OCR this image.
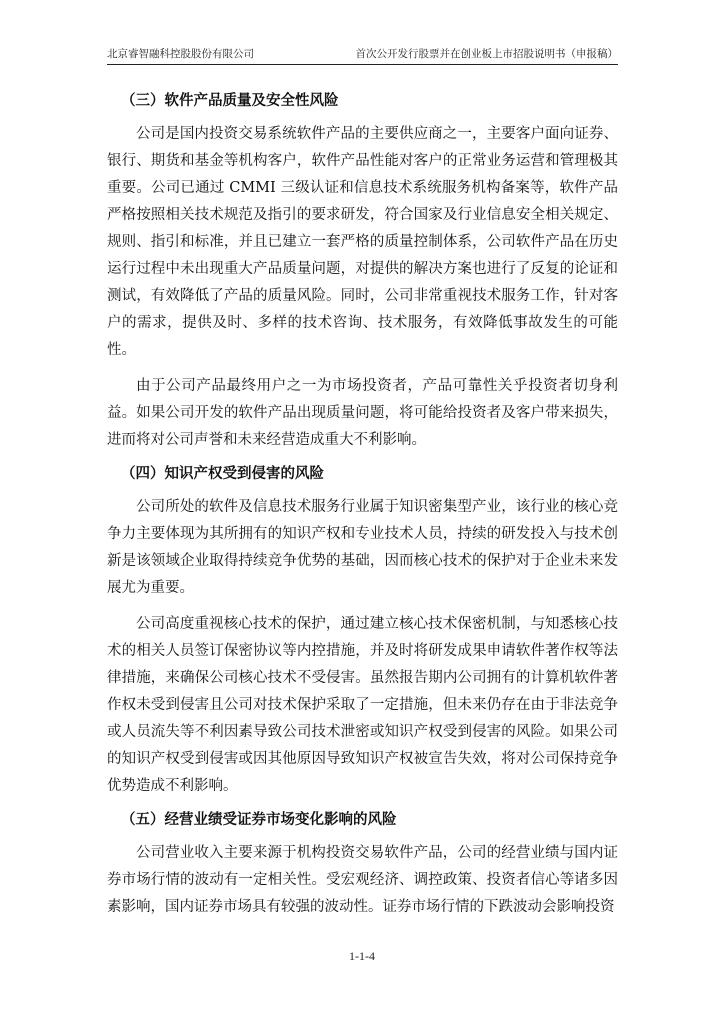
北京睿智融科控股股份有限公司	首次公开发行股票并在创业板上市招股说明书（申报稿）
（三）软件产品质量及安全性风险

公司是国内投资交易系统软件产品的主要供应商之一，主要客户面向证券、银行、期货和基金等机构客户，软件产品性能对客户的正常业务运营和管理极其重要。公司已通过 CMMI 三级认证和信息技术系统服务机构备案等，软件产品严格按照相关技术规范及指引的要求研发，符合国家及行业信息安全相关规定、规则、指引和标准，并且已建立一套严格的质量控制体系，公司软件产品在历史运行过程中未出现重大产品质量问题，对提供的解决方案也进行了反复的论证和测试，有效降低了产品的质量风险。同时，公司非常重视技术服务工作，针对客户的需求，提供及时、多样的技术咨询、技术服务，有效降低事故发生的可能性。

由于公司产品最终用户之一为市场投资者，产品可靠性关乎投资者切身利益。如果公司开发的软件产品出现质量问题，将可能给投资者及客户带来损失，进而将对公司声誉和未来经营造成重大不利影响。

（四）知识产权受到侵害的风险

公司所处的软件及信息技术服务行业属于知识密集型产业，该行业的核心竞争力主要体现为其所拥有的知识产权和专业技术人员，持续的研发投入与技术创新是该领域企业取得持续竞争优势的基础，因而核心技术的保护对于企业未来发展尤为重要。

公司高度重视核心技术的保护，通过建立核心技术保密机制，与知悉核心技术的相关人员签订保密协议等内控措施，并及时将研发成果申请软件著作权等法律措施，来确保公司核心技术不受侵害。虽然报告期内公司拥有的计算机软件著作权未受到侵害且公司对技术保护采取了一定措施，但未来仍存在由于非法竞争或人员流失等不利因素导致公司技术泄密或知识产权受到侵害的风险。如果公司的知识产权受到侵害或因其他原因导致知识产权被宣告失效，将对公司保持竞争优势造成不利影响。

（五）经营业绩受证券市场变化影响的风险

公司营业收入主要来源于机构投资交易软件产品，公司的经营业绩与国内证券市场行情的波动有一定相关性。受宏观经济、调控政策、投资者信心等诸多因素影响，国内证券市场具有较强的波动性。证券市场行情的下跌波动会影响投资

1-1-4
